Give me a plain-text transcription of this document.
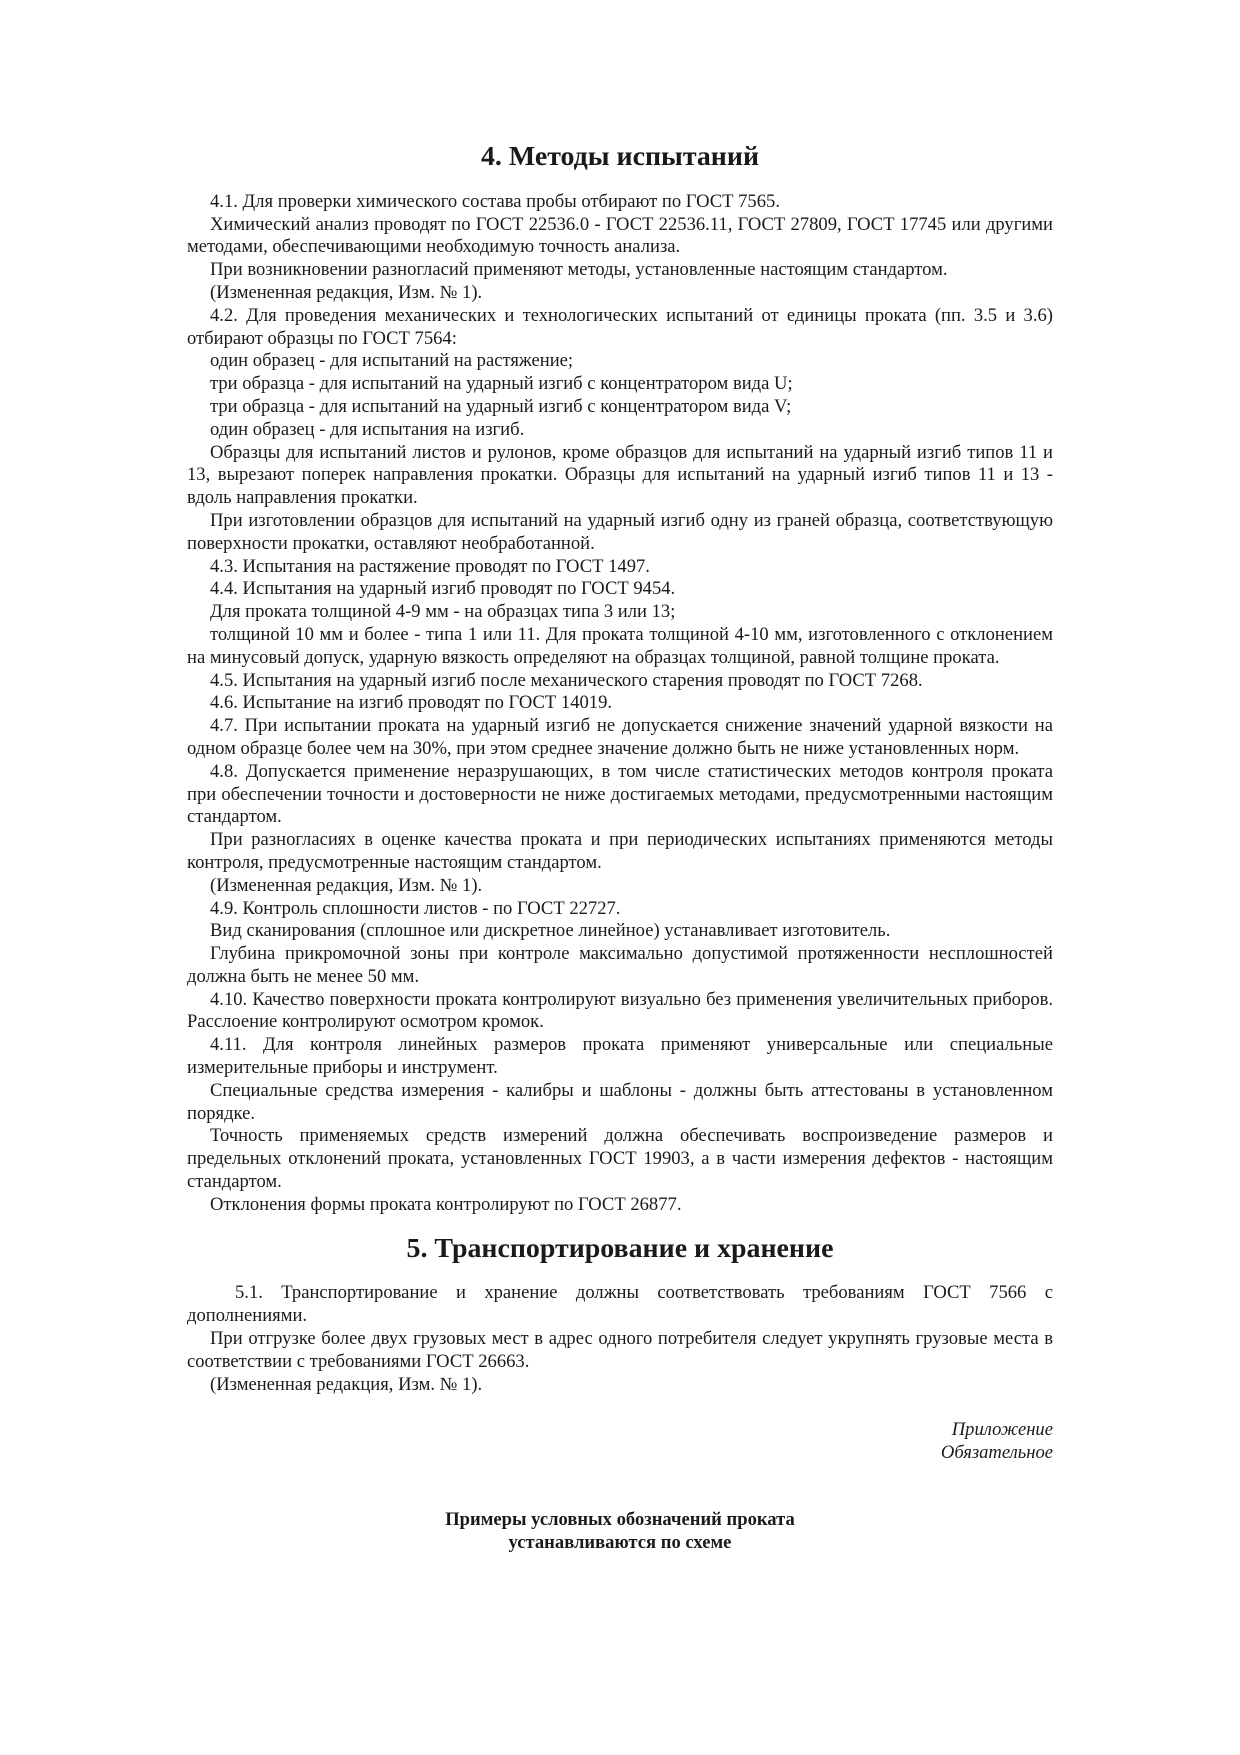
4. Методы испытаний

4.1. Для проверки химического состава пробы отбирают по ГОСТ 7565.

Химический анализ проводят по ГОСТ 22536.0 - ГОСТ 22536.11, ГОСТ 27809, ГОСТ 17745 или другими методами, обеспечивающими необходимую точность анализа.

При возникновении разногласий применяют методы, установленные настоящим стандартом.

(Измененная редакция, Изм. № 1).

4.2. Для проведения механических и технологических испытаний от единицы проката (пп. 3.5 и 3.6) отбирают образцы по ГОСТ 7564:

один образец - для испытаний на растяжение;

три образца - для испытаний на ударный изгиб с концентратором вида U;

три образца - для испытаний на ударный изгиб с концентратором вида V;

один образец - для испытания на изгиб.

Образцы для испытаний листов и рулонов, кроме образцов для испытаний на ударный изгиб типов 11 и 13, вырезают поперек направления прокатки. Образцы для испытаний на ударный изгиб типов 11 и 13 - вдоль направления прокатки.

При изготовлении образцов для испытаний на ударный изгиб одну из граней образца, соответствующую поверхности прокатки, оставляют необработанной.

4.3. Испытания на растяжение проводят по ГОСТ 1497.

4.4. Испытания на ударный изгиб проводят по ГОСТ 9454.

Для проката толщиной 4-9 мм - на образцах типа 3 или 13;

толщиной 10 мм и более - типа 1 или 11. Для проката толщиной 4-10 мм, изготовленного с отклонением на минусовый допуск, ударную вязкость определяют на образцах толщиной, равной толщине проката.

4.5. Испытания на ударный изгиб после механического старения проводят по ГОСТ 7268.

4.6. Испытание на изгиб проводят по ГОСТ 14019.

4.7. При испытании проката на ударный изгиб не допускается снижение значений ударной вязкости на одном образце более чем на 30%, при этом среднее значение должно быть не ниже установленных норм.

4.8. Допускается применение неразрушающих, в том числе статистических методов контроля проката при обеспечении точности и достоверности не ниже достигаемых методами, предусмотренными настоящим стандартом.

При разногласиях в оценке качества проката и при периодических испытаниях применяются методы контроля, предусмотренные настоящим стандартом.

(Измененная редакция, Изм. № 1).

4.9. Контроль сплошности листов - по ГОСТ 22727.

Вид сканирования (сплошное или дискретное линейное) устанавливает изготовитель.

Глубина прикромочной зоны при контроле максимально допустимой протяженности несплошностей должна быть не менее 50 мм.

4.10. Качество поверхности проката контролируют визуально без применения увеличительных приборов. Расслоение контролируют осмотром кромок.

4.11. Для контроля линейных размеров проката применяют универсальные или специальные измерительные приборы и инструмент.

Специальные средства измерения - калибры и шаблоны - должны быть аттестованы в установленном порядке.

Точность применяемых средств измерений должна обеспечивать воспроизведение размеров и предельных отклонений проката, установленных ГОСТ 19903, а в части измерения дефектов - настоящим стандартом.

Отклонения формы проката контролируют по ГОСТ 26877.

5. Транспортирование и хранение

5.1. Транспортирование и хранение должны соответствовать требованиям ГОСТ 7566 с дополнениями.

При отгрузке более двух грузовых мест в адрес одного потребителя следует укрупнять грузовые места в соответствии с требованиями ГОСТ 26663.

(Измененная редакция, Изм. № 1).

Приложение
Обязательное
Примеры условных обозначений проката
устанавливаются по схеме
